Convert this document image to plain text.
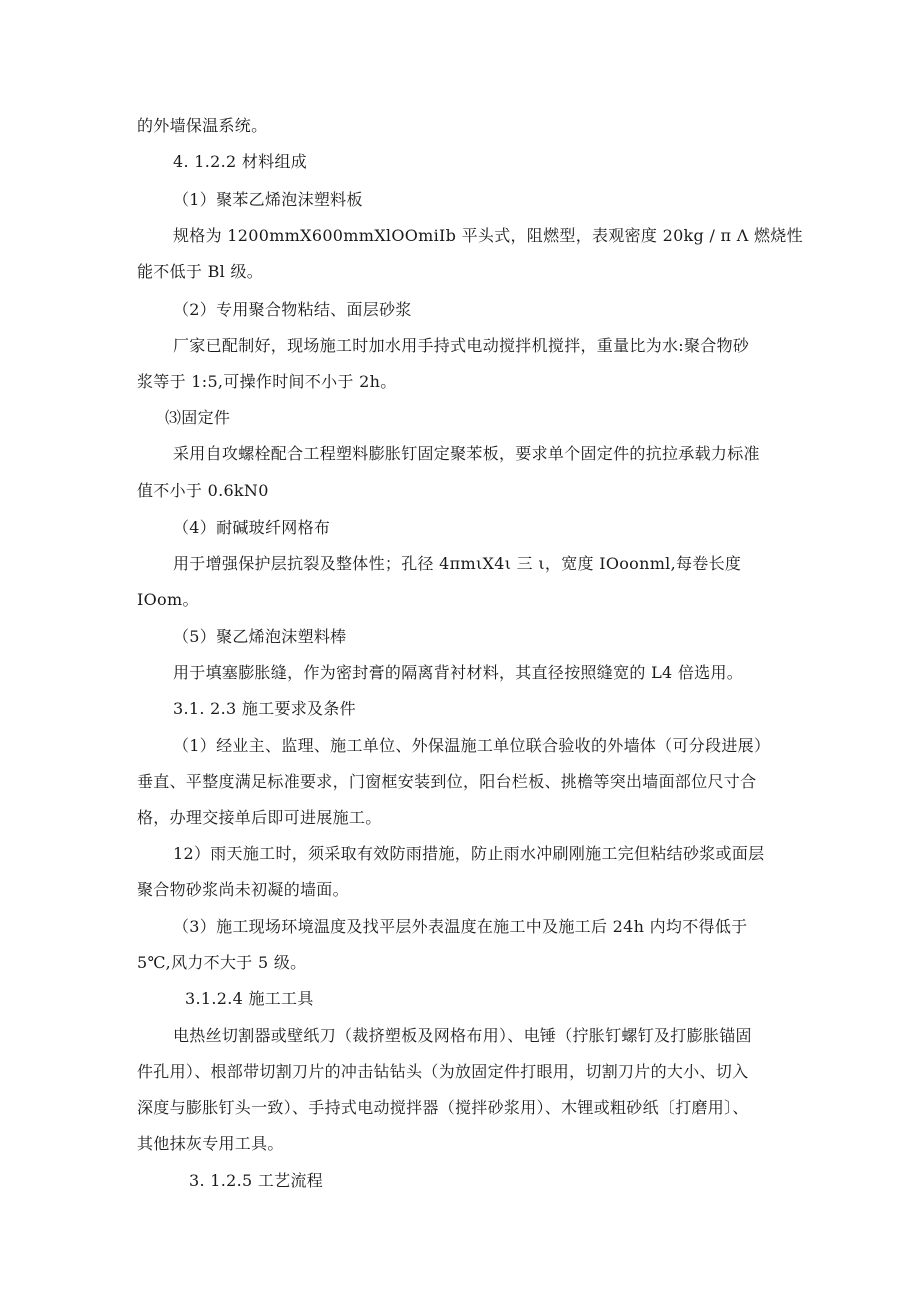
的外墙保温系统。
4. 1.2.2 材料组成
（1）聚苯乙烯泡沫塑料板
规格为 1200mmX600mmXlOOmiIb 平头式，阻燃型，表观密度 20kg / π Λ 燃烧性
能不低于 Bl 级。
（2）专用聚合物粘结、面层砂浆
厂家已配制好，现场施工时加水用手持式电动搅拌机搅拌，重量比为水:聚合物砂
浆等于 1:5,可操作时间不小于 2h。
⑶固定件
采用自攻螺栓配合工程塑料膨胀钉固定聚苯板，要求单个固定件的抗拉承载力标准
值不小于 0.6kN0
（4）耐碱玻纤网格布
用于增强保护层抗裂及整体性；孔径 4πmιX4ι 三 ι，宽度 IOoonml,每卷长度
IOom。
（5）聚乙烯泡沫塑料棒
用于填塞膨胀缝，作为密封膏的隔离背衬材料，其直径按照缝宽的 L4 倍选用。
3.1. 2.3 施工要求及条件
（1）经业主、监理、施工单位、外保温施工单位联合验收的外墙体（可分段进展）
垂直、平整度满足标准要求，门窗框安装到位，阳台栏板、挑檐等突出墙面部位尺寸合
格，办理交接单后即可进展施工。
12）雨天施工时，须采取有效防雨措施，防止雨水冲刷刚施工完但粘结砂浆或面层
聚合物砂浆尚未初凝的墙面。
（3）施工现场环境温度及找平层外表温度在施工中及施工后 24h 内均不得低于
5℃,风力不大于 5 级。
3.1.2.4 施工工具
电热丝切割器或壁纸刀（裁挤塑板及网格布用）、电锤（拧胀钉螺钉及打膨胀锚固
件孔用）、根部带切割刀片的冲击钻钻头（为放固定件打眼用，切割刀片的大小、切入
深度与膨胀钉头一致）、手持式电动搅拌器（搅拌砂浆用）、木锂或粗砂纸〔打磨用〕、
其他抹灰专用工具。
3. 1.2.5 工艺流程
